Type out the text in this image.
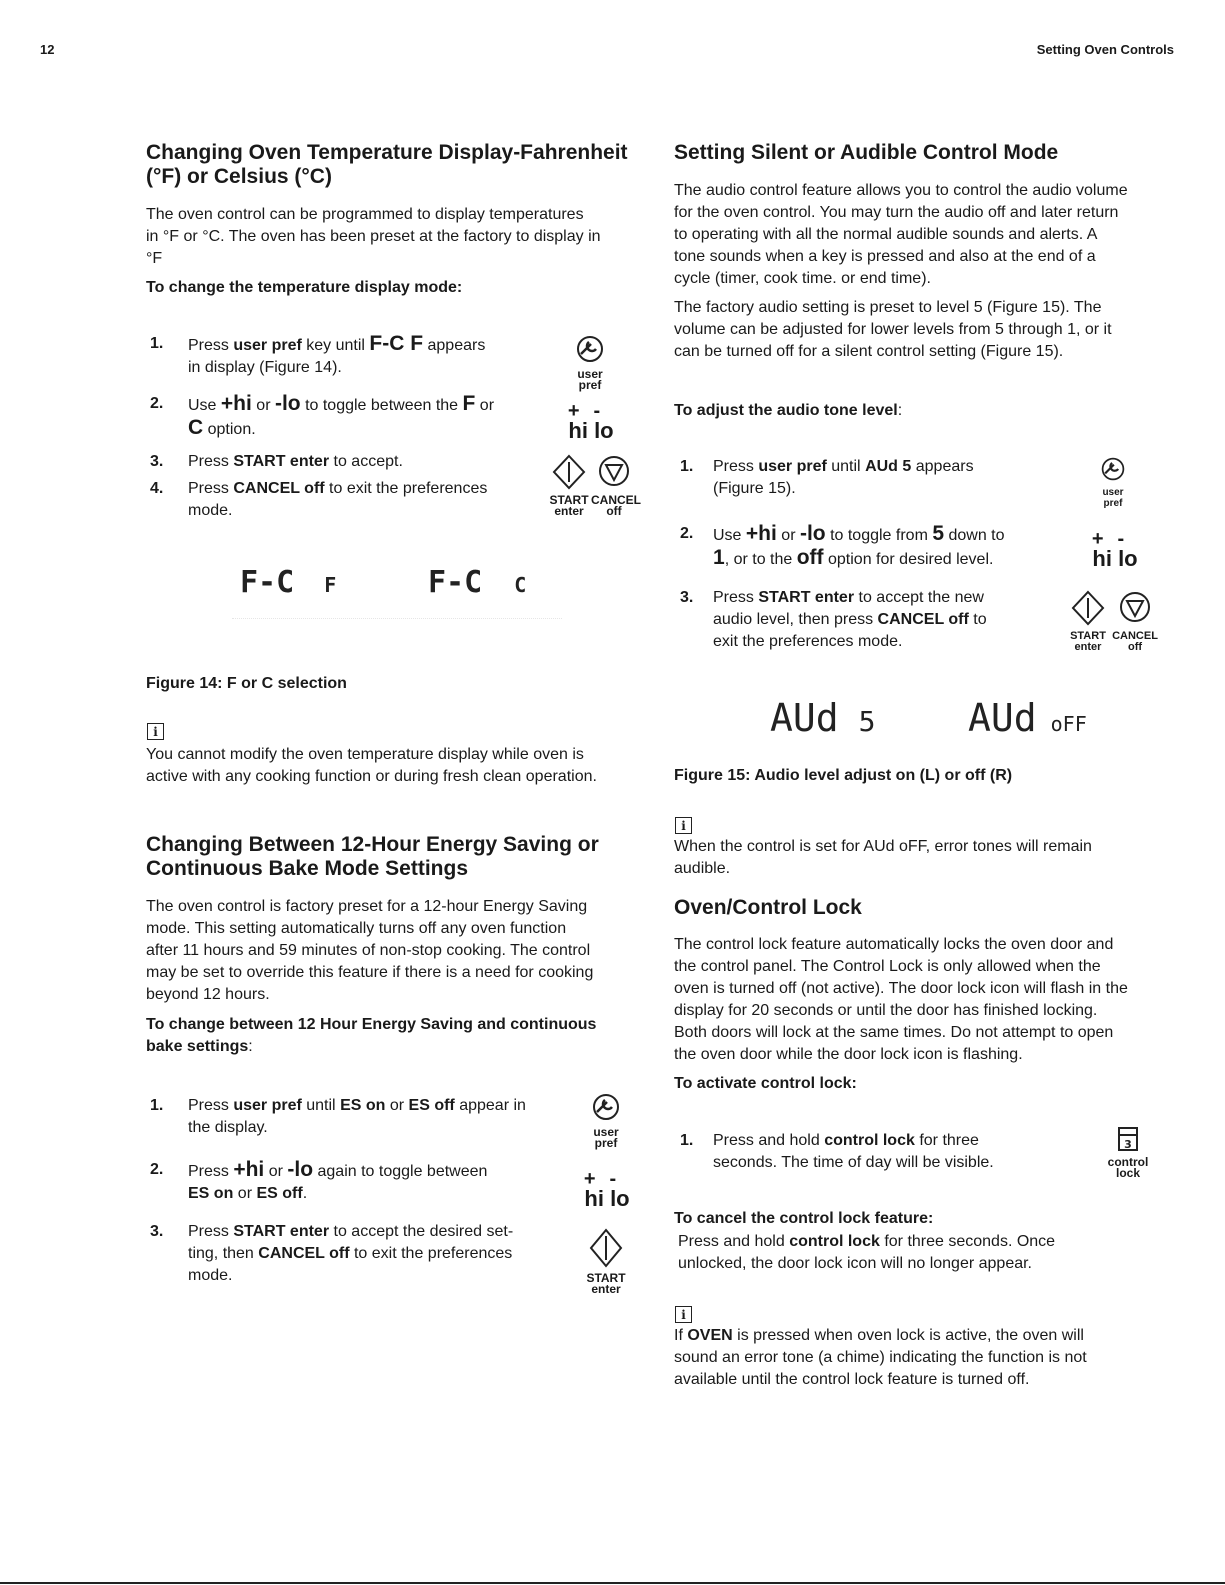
12	Setting Oven Controls
Changing Oven Temperature Display-Fahrenheit
(°F) or Celsius (°C)

The oven control can be programmed to display temperatures

in °F or °C. The oven has been preset at the factory to display in

°F

To change the temperature display mode:
1. Press user pref key until F-C F appears
in display (Figure 14).
2. Use +hi or -lo to toggle between the F or
C option.
3. Press START enter to accept.
4. Press CANCEL off to exit the preferences
mode.
user
pref
+-
hi lo
START
enter
CANCEL
off
F-C F	F-C C
Figure 14: F or C selection
i

You cannot modify the oven temperature display while oven is

active with any cooking function or during fresh clean operation.

Changing Between 12-Hour Energy Saving or
Continuous Bake Mode Settings

The oven control is factory preset for a 12-hour Energy Saving

mode. This setting automatically turns off any oven function

after 11 hours and 59 minutes of non-stop cooking. The control

may be set to override this feature if there is a need for cooking

beyond 12 hours.

To change between 12 Hour Energy Saving and continuous
bake settings:
1. Press user pref until ES on or ES off appear in
the display.
2. Press +hi or -lo again to toggle between
ES on or ES off.
3. Press START enter to accept the desired set-
ting, then CANCEL off to exit the preferences
mode.
user
pref
+-
hi lo
START
enter
Setting Silent or Audible Control Mode

The audio control feature allows you to control the audio volume

for the oven control. You may turn the audio off and later return

to operating with all the normal audible sounds and alerts. A

tone sounds when a key is pressed and also at the end of a

cycle (timer, cook time. or end time).

The factory audio setting is preset to level 5 (Figure 15). The

volume can be adjusted for lower levels from 5 through 1, or it

can be turned off for a silent control setting (Figure 15).

To adjust the audio tone level:
1. Press user pref until AUd 5 appears
(Figure 15).
2. Use +hi or -lo to toggle from 5 down to
1, or to the off option for desired level.
3. Press START enter to accept the new
audio level, then press CANCEL off to
exit the preferences mode.
user
pref
+-
hi lo
START
enter
CANCEL
off
AUd 5 AUd oFF
Figure 15: Audio level adjust on (L) or off (R)
i

When the control is set for AUd oFF, error tones will remain

audible.

Oven/Control Lock

The control lock feature automatically locks the oven door and

the control panel. The Control Lock is only allowed when the

oven is turned off (not active). The door lock icon will flash in the

display for 20 seconds or until the door has finished locking.

Both doors will lock at the same times. Do not attempt to open

the oven door while the door lock icon is flashing.

To activate control lock:
1. Press and hold control lock for three
seconds. The time of day will be visible.
3
control
lock
To cancel the control lock feature:

Press and hold control lock for three seconds. Once

unlocked, the door lock icon will no longer appear.

i

If OVEN is pressed when oven lock is active, the oven will

sound an error tone (a chime) indicating the function is not

available until the control lock feature is turned off.
